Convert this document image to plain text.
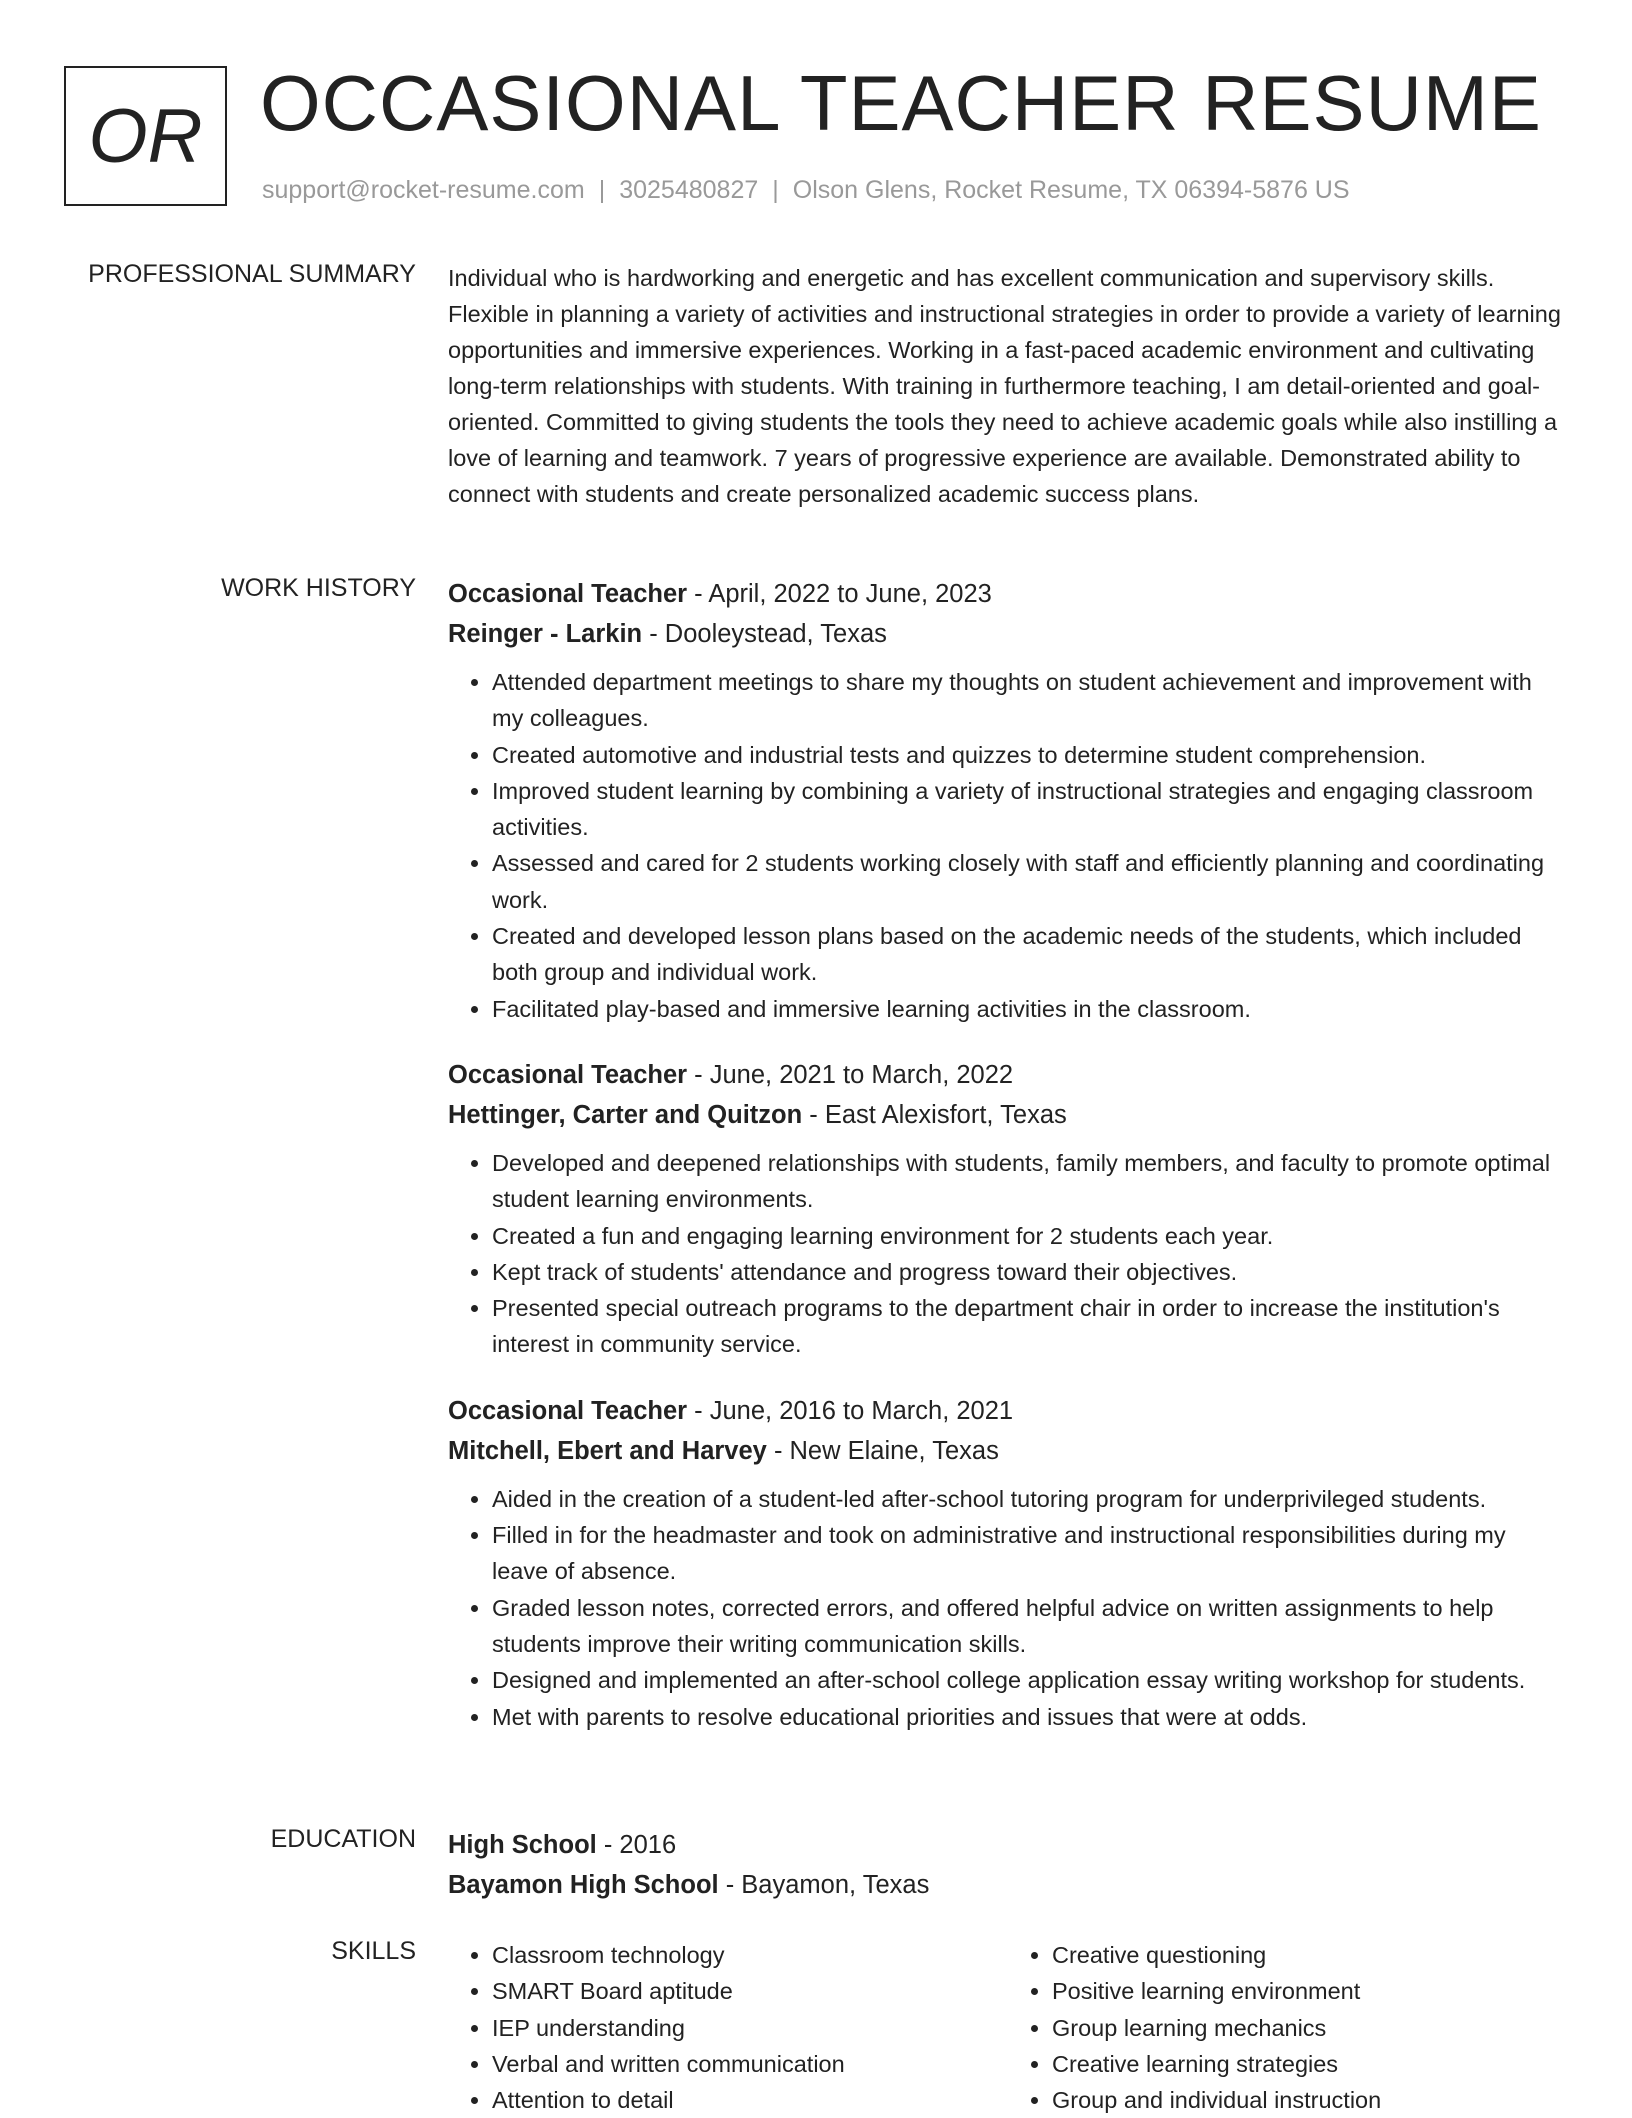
OR OCCASIONAL TEACHER RESUME
support@rocket-resume.com | 3025480827 | Olson Glens, Rocket Resume, TX 06394-5876 US
PROFESSIONAL SUMMARY Individual who is hardworking and energetic and has excellent communication and supervisory skills. Flexible in planning a variety of activities and instructional strategies in order to provide a variety of learning opportunities and immersive experiences. Working in a fast-paced academic environment and cultivating long-term relationships with students. With training in furthermore teaching, I am detail-oriented and goal-oriented. Committed to giving students the tools they need to achieve academic goals while also instilling a love of learning and teamwork. 7 years of progressive experience are available. Demonstrated ability to connect with students and create personalized academic success plans.

WORK HISTORY Occasional Teacher - April, 2022 to June, 2023
Reinger - Larkin - Dooleystead, Texas
• Attended department meetings to share my thoughts on student achievement and improvement with my colleagues.
• Created automotive and industrial tests and quizzes to determine student comprehension.
• Improved student learning by combining a variety of instructional strategies and engaging classroom activities.
• Assessed and cared for 2 students working closely with staff and efficiently planning and coordinating work.
• Created and developed lesson plans based on the academic needs of the students, which included both group and individual work.
• Facilitated play-based and immersive learning activities in the classroom.
Occasional Teacher - June, 2021 to March, 2022
Hettinger, Carter and Quitzon - East Alexisfort, Texas
• Developed and deepened relationships with students, family members, and faculty to promote optimal student learning environments.
• Created a fun and engaging learning environment for 2 students each year.
• Kept track of students' attendance and progress toward their objectives.
• Presented special outreach programs to the department chair in order to increase the institution's interest in community service.
Occasional Teacher - June, 2016 to March, 2021
Mitchell, Ebert and Harvey - New Elaine, Texas
• Aided in the creation of a student-led after-school tutoring program for underprivileged students.
• Filled in for the headmaster and took on administrative and instructional responsibilities during my leave of absence.
• Graded lesson notes, corrected errors, and offered helpful advice on written assignments to help students improve their writing communication skills.
• Designed and implemented an after-school college application essay writing workshop for students.
• Met with parents to resolve educational priorities and issues that were at odds.
EDUCATION High School - 2016
Bayamon High School - Bayamon, Texas
SKILLS
•	Classroom technology
• SMART Board aptitude
• IEP understanding
• Verbal and written communication
• Attention to detail
• Creative questioning
• Positive learning environment
• Group learning mechanics
• Creative learning strategies
• Group and individual instruction
